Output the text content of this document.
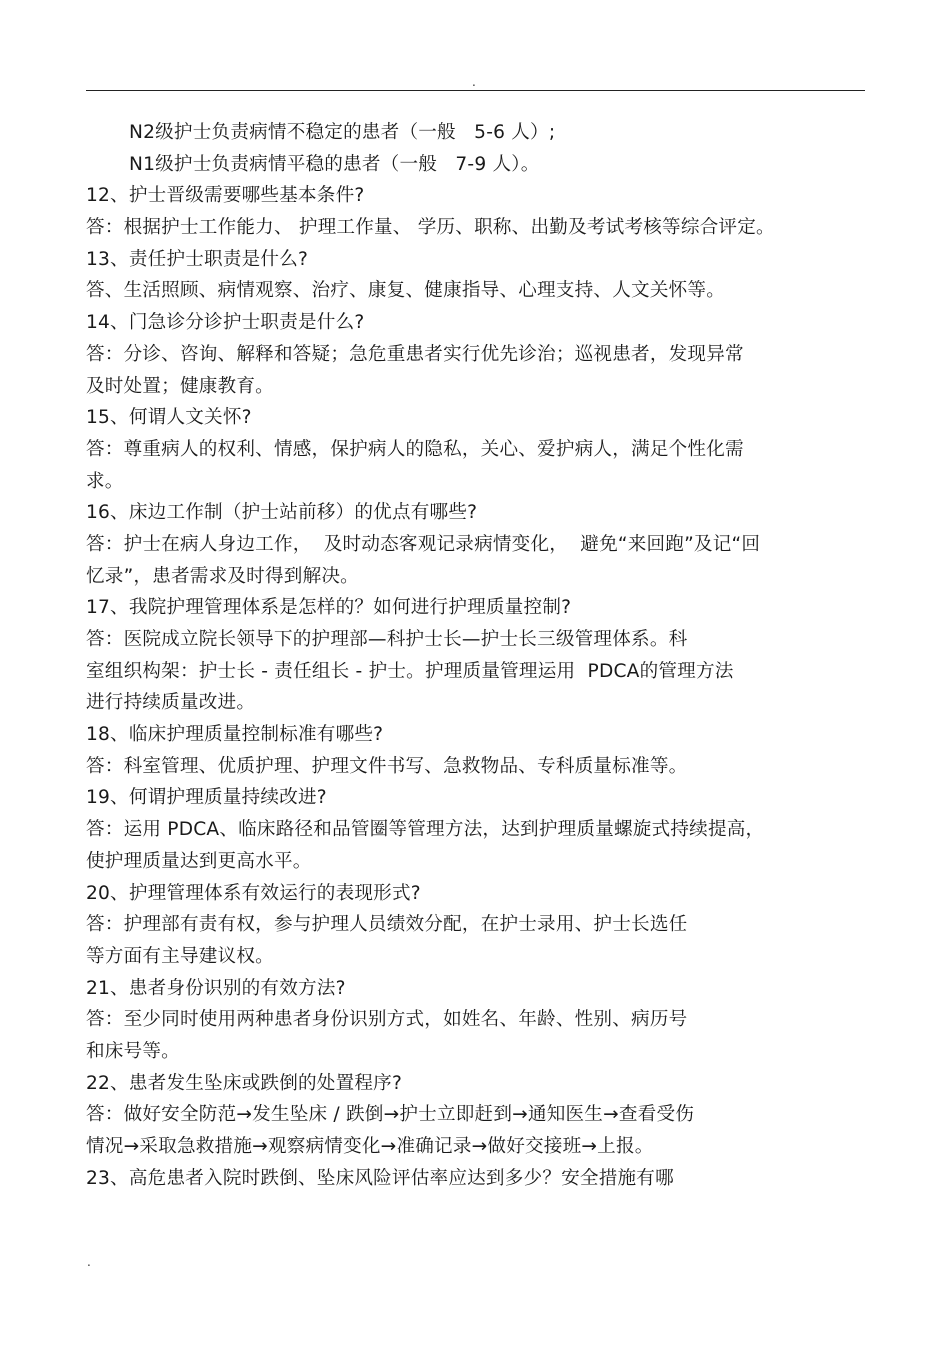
.
N2级护士负责病情不稳定的患者（一般   5-6 人）;
N1级护士负责病情平稳的患者（一般   7-9 人）。
12、护士晋级需要哪些基本条件?
答：根据护士工作能力、 护理工作量、 学历、职称、出勤及考试考核等综合评定。
13、责任护士职责是什么?
答、生活照顾、病情观察、治疗、康复、健康指导、心理支持、人文关怀等。
14、门急诊分诊护士职责是什么?
答：分诊、咨询、解释和答疑；急危重患者实行优先诊治；巡视患者，发现异常
及时处置；健康教育。
15、何谓人文关怀?
答：尊重病人的权利、情感，保护病人的隐私，关心、爱护病人，满足个性化需
求。
16、床边工作制（护士站前移）的优点有哪些?
答：护士在病人身边工作，  及时动态客观记录病情变化，  避免“来回跑”及记“回
忆录”，患者需求及时得到解决。
17、我院护理管理体系是怎样的？如何进行护理质量控制?
答：医院成立院长领导下的护理部—科护士长—护士长三级管理体系。科
室组织构架：护士长 - 责任组长 - 护士。护理质量管理运用  PDCA的管理方法
进行持续质量改进。
18、临床护理质量控制标准有哪些?
答：科室管理、优质护理、护理文件书写、急救物品、专科质量标准等。
19、何谓护理质量持续改进?
答：运用 PDCA、临床路径和品管圈等管理方法，达到护理质量螺旋式持续提高，
使护理质量达到更高水平。
20、护理管理体系有效运行的表现形式?
答：护理部有责有权，参与护理人员绩效分配，在护士录用、护士长选任
等方面有主导建议权。
21、患者身份识别的有效方法?
答：至少同时使用两种患者身份识别方式，如姓名、年龄、性别、病历号
和床号等。
22、患者发生坠床或跌倒的处置程序?
答：做好安全防范→发生坠床 / 跌倒→护士立即赶到→通知医生→查看受伤
情况→采取急救措施→观察病情变化→准确记录→做好交接班→上报。
23、高危患者入院时跌倒、坠床风险评估率应达到多少？安全措施有哪
.
